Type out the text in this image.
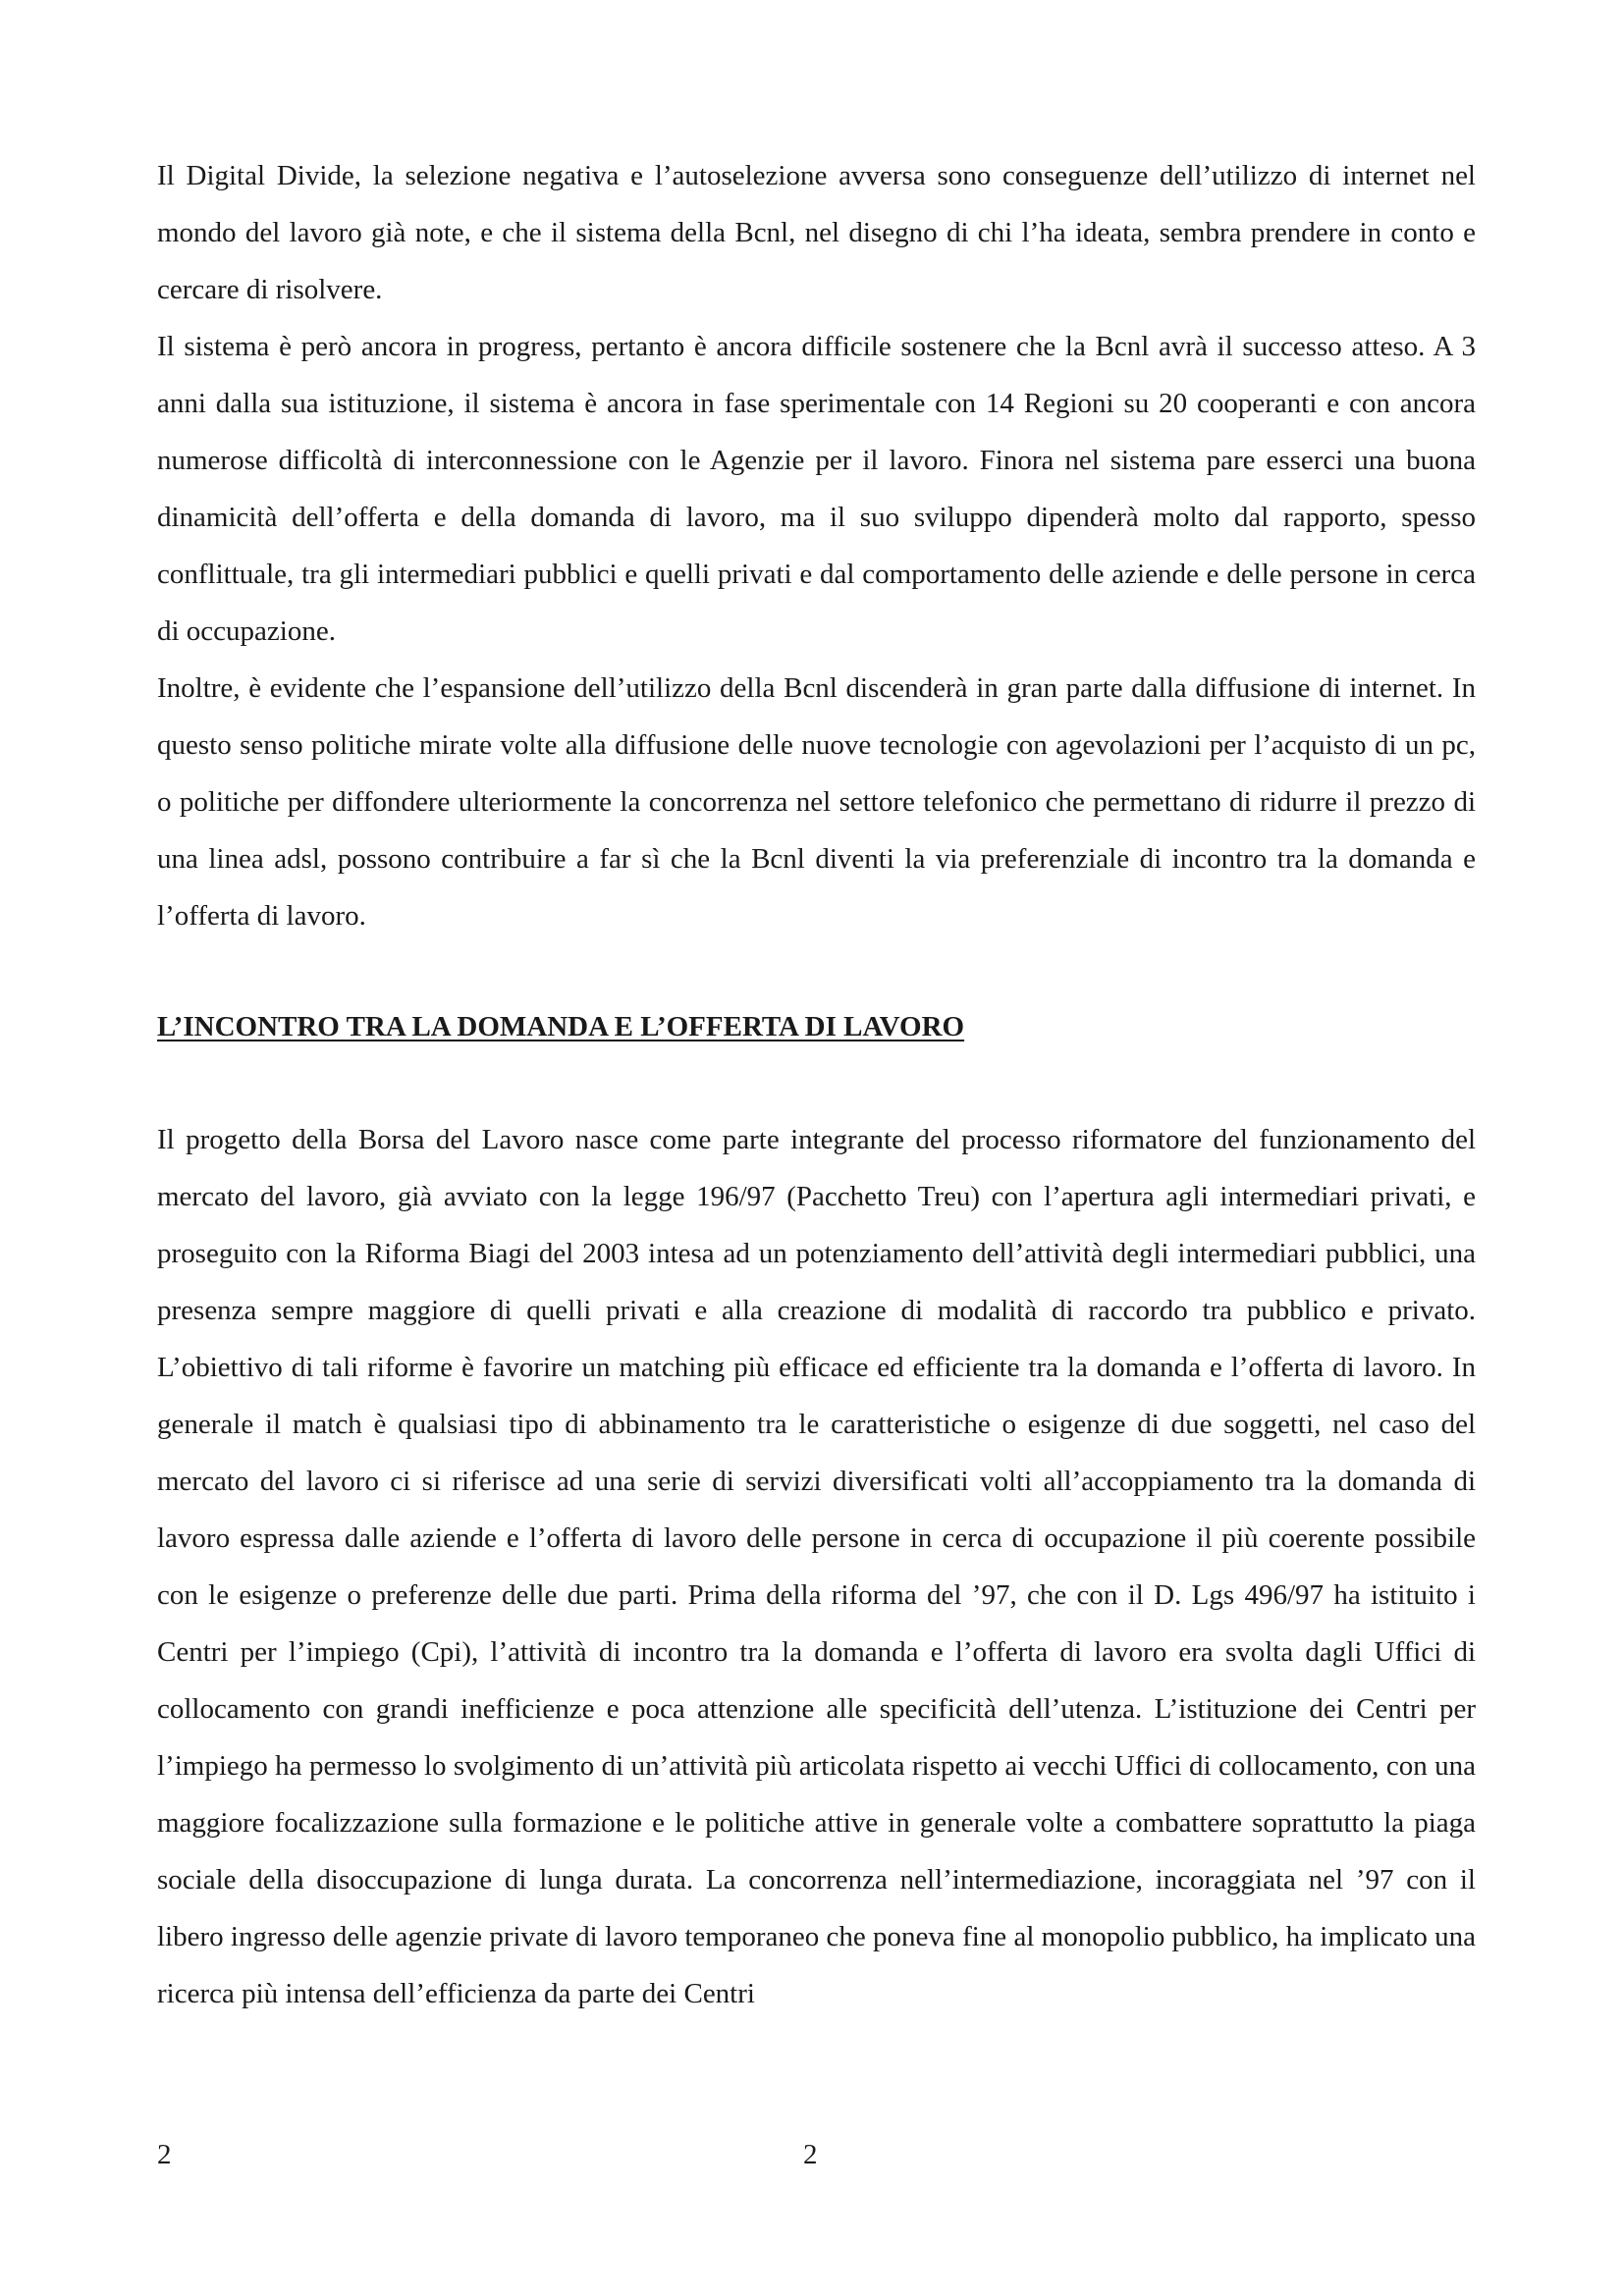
Il Digital Divide, la selezione negativa e l’autoselezione avversa sono conseguenze dell’utilizzo di internet nel mondo del lavoro già note, e che il sistema della Bcnl, nel disegno di chi l’ha ideata, sembra prendere in conto e cercare di risolvere.

Il sistema è però ancora in progress, pertanto è ancora difficile sostenere che la Bcnl avrà il successo atteso. A 3 anni dalla sua istituzione, il sistema è ancora in fase sperimentale con 14 Regioni su 20 cooperanti e con ancora numerose difficoltà di interconnessione con le Agenzie per il lavoro. Finora nel sistema pare esserci una buona dinamicità dell’offerta e della domanda di lavoro, ma il suo sviluppo dipenderà molto dal rapporto, spesso conflittuale, tra gli intermediari pubblici e quelli privati e dal comportamento delle aziende e delle persone in cerca di occupazione.

Inoltre, è evidente che l’espansione dell’utilizzo della Bcnl discenderà in gran parte dalla diffusione di internet. In questo senso politiche mirate volte alla diffusione delle nuove tecnologie con agevolazioni per l’acquisto di un pc, o politiche per diffondere ulteriormente la concorrenza nel settore telefonico che permettano di ridurre il prezzo di una linea adsl, possono contribuire a far sì che la Bcnl diventi la via preferenziale di incontro tra la domanda e l’offerta di lavoro.

L’INCONTRO TRA LA DOMANDA E L’OFFERTA DI LAVORO

Il progetto della Borsa del Lavoro nasce come parte integrante del processo riformatore del funzionamento del mercato del lavoro, già avviato con la legge 196/97 (Pacchetto Treu) con l’apertura agli intermediari privati, e proseguito con la Riforma Biagi del 2003 intesa ad un potenziamento dell’attività degli intermediari pubblici, una presenza sempre maggiore di quelli privati e alla creazione di modalità di raccordo tra pubblico e privato. L’obiettivo di tali riforme è favorire un matching più efficace ed efficiente tra la domanda e l’offerta di lavoro. In generale il match è qualsiasi tipo di abbinamento tra le caratteristiche o esigenze di due soggetti, nel caso del mercato del lavoro ci si riferisce ad una serie di servizi diversificati volti all’accoppiamento tra la domanda di lavoro espressa dalle aziende e l’offerta di lavoro delle persone in cerca di occupazione il più coerente possibile con le esigenze o preferenze delle due parti. Prima della riforma del ’97, che con il D. Lgs 496/97 ha istituito i Centri per l’impiego (Cpi), l’attività di incontro tra la domanda e l’offerta di lavoro era svolta dagli Uffici di collocamento con grandi inefficienze e poca attenzione alle specificità dell’utenza. L’istituzione dei Centri per l’impiego ha permesso lo svolgimento di un’attività più articolata rispetto ai vecchi Uffici di collocamento, con una maggiore focalizzazione sulla formazione e le politiche attive in generale volte a combattere soprattutto la piaga sociale della disoccupazione di lunga durata. La concorrenza nell’intermediazione, incoraggiata nel ’97 con il libero ingresso delle agenzie private di lavoro temporaneo che poneva fine al monopolio pubblico, ha implicato una ricerca più intensa dell’efficienza da parte dei Centri

2	2
